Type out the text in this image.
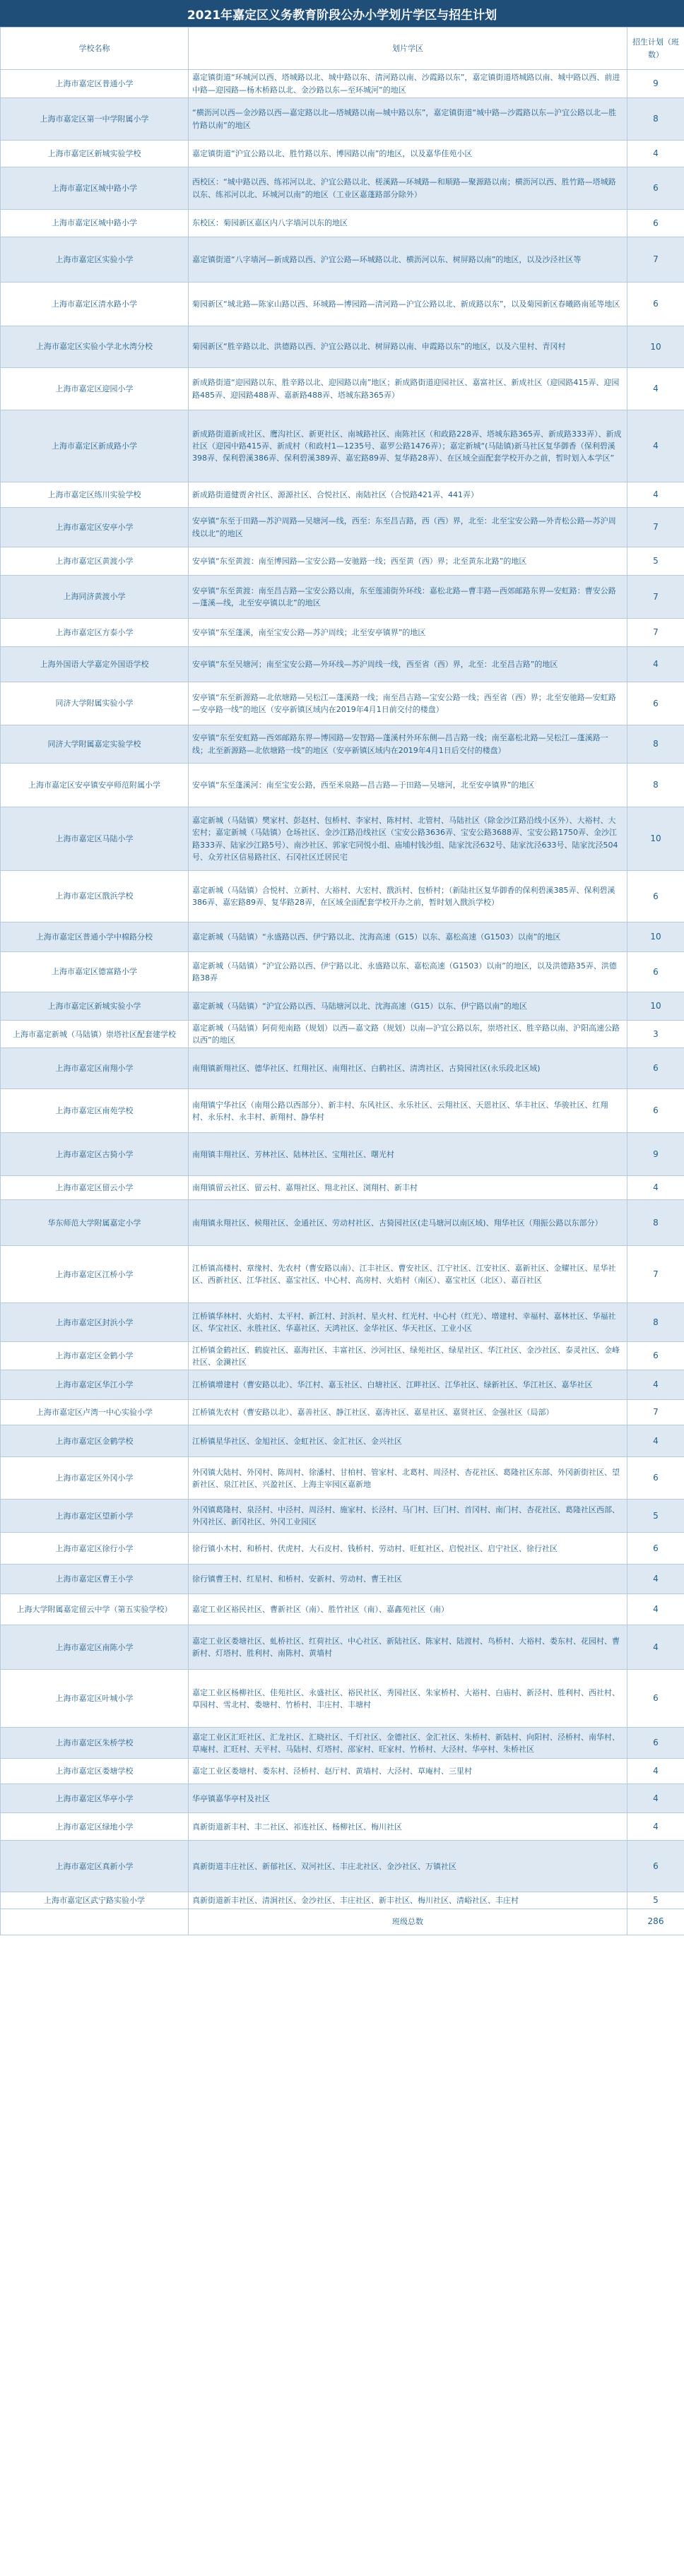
2021年嘉定区义务教育阶段公办小学划片学区与招生计划
学校名称	划片学区	招生计划（班数）
上海市嘉定区普通小学	嘉定镇街道“环城河以西、塔城路以北、城中路以东、清河路以南、沙霞路以东”，嘉定镇街道塔城路以南、城中路以西、前进中路—迎园路—杨木桥路以北、金沙路以东—至环城河”的地区	9
上海市嘉定区第一中学附属小学	“横沥河以西—金沙路以西—嘉定路以北—塔城路以南—城中路以东”，嘉定镇街道“城中路—沙霞路以东—沪宜公路以北—胜竹路以南”的地区	8
上海市嘉定区新城实验学校	嘉定镇街道“沪宜公路以北、胜竹路以东、博园路以南”的地区，以及嘉华佳苑小区	4
上海市嘉定区城中路小学	西校区：“城中路以西、练祁河以北、沪宜公路以北、槎溪路—环城路—和顺路—聚源路以南；横沥河以西、胜竹路—塔城路以东、练祁河以北、环城河以南”的地区（工业区嘉蓬路部分除外）	6
上海市嘉定区城中路小学	东校区：菊园新区嘉区内八字墙河以东的地区	6
上海市嘉定区实验小学	嘉定镇街道“八字墙河—新成路以西、沪宜公路—环城路以北、横沥河以东、树屏路以南”的地区，以及沙泾社区等	7
上海市嘉定区清水路小学	菊园新区“城北路—陈家山路以西、环城路—博园路—清河路—沪宜公路以北、新成路以东”，以及菊园新区春曦路南延等地区	6
上海市嘉定区实验小学北水湾分校	菊园新区“胜辛路以北、洪德路以西、沪宜公路以北、树屏路以南、申霞路以东”的地区，以及六里村、青冈村	10
上海市嘉定区迎园小学	新成路街道“迎园路以东、胜辛路以北、迎园路以南”地区；新成路街道迎园社区、嘉富社区、新成社区（迎园路415弄、迎园路485弄、迎园路488弄、嘉新路488弄、塔城东路365弄）	4
上海市嘉定区新成路小学	新成路街道新成社区、鹰沟社区、新更社区、南城路社区、南陈社区（和政路228弄、塔城东路365弄、新成路333弄）、新成社区（迎园中路415弄、新成村（和政村1—1235号、嘉罗公路1476弄）；嘉定新城“(马陆镇)新马社区复华御香（保利碧溪398弄、保利碧溪386弄、保利碧溪389弄、嘉宏路89弄、复华路28弄）、在区域全面配套学校开办之前，暂时划入本学区”	4
上海市嘉定区练川实验学校	新成路街道健贾舍社区、源源社区、合悦社区、南陆社区（合悦路421弄、441弄）	4
上海市嘉定区安亭小学	安亭镇“东至于田路—苏沪周路—吴塘河—线，西至：东至昌吉路，西（西）界，北至：北至宝安公路—外青松公路—苏沪周线以北”的地区	7
上海市嘉定区黄渡小学	安亭镇“东至黄渡：南至博园路—宝安公路—安驰路一线；西至黄（西）界；北至黄东北路”的地区	5
上海同济黄渡小学	安亭镇“东至黄渡：南至昌吉路—宝安公路以南，东至莲浦街外环线：嘉松北路—曹丰路—西郊邮路东界—安虹路：曹安公路—蓬溪—线，北至安亭镇以北”的地区	7
上海市嘉定区方泰小学	安亭镇“东至蓬溪，南至宝安公路—苏沪周线；北至安亭镇界”的地区	7
上海外国语大学嘉定外国语学校	安亭镇“东至吴塘河；南至宝安公路—外环线—苏沪周线一线，西至省（西）界，北至：北至昌吉路”的地区	4
同济大学附属实验小学	安亭镇“东至新源路—北依塘路—吴松江—蓬溪路一线；南至昌吉路—宝安公路一线；西至省（西）界；北至安驰路—安虹路—安亭路一线”的地区（安亭新镇区域内在2019年4月1日前交付的楼盘）	6
同济大学附属嘉定实验学校	安亭镇“东至安虹路—西郊邮路东界—博园路—安智路—蓬溪村外环东侧—昌吉路一线；南至嘉松北路—吴松江—蓬溪路一线；北至新源路—北依塘路一线”的地区（安亭新镇区域内在2019年4月1日后交付的楼盘）	8
上海市嘉定区安亭镇安亭师范附属小学	安亭镇“东至蓬溪河：南至宝安公路，西至米泉路—昌吉路—于田路—吴塘河，北至安亭镇界”的地区	8
上海市嘉定区马陆小学	嘉定新城（马陆镇）樊家村、彭赵村、包桥村、李家村、陈村村、北管村、马陆社区（除金沙江路沿线小区外）、大裕村、大宏村；嘉定新城（马陆镇）仓场社区、金沙江路沿线社区（宝安公路3636弄、宝安公路3688弄、宝安公路1750弄、金沙江路333弄、陆家沙江路5号）、南沙社区、郭家宅同悦小组、庙埔村钱沙组、陆家沈泾632号、陆家沈泾633号、陆家沈泾504号、众芳社区信易路社区、石冈社区迁居民宅	10
上海市嘉定区戬浜学校	嘉定新城（马陆镇）合悦村、立新村、大裕村、大宏村、戬浜村、包桥村；（新陆社区复华御香的保利碧溪385弄、保利碧溪386弄、嘉宏路89弄、复华路28弄，在区域全面配套学校开办之前，暂时划入戬浜学校）	6
上海市嘉定区普通小学中棉路分校	嘉定新城（马陆镇）“永盛路以西、伊宁路以北、沈海高速（G15）以东、嘉松高速（G1503）以南”的地区	10
上海市嘉定区德富路小学	嘉定新城（马陆镇）“沪宜公路以西、伊宁路以北、永盛路以东、嘉松高速（G1503）以南”的地区，以及洪德路35弄、洪德路38弄	6
上海市嘉定区新城实验小学	嘉定新城（马陆镇）“沪宜公路以西、马陆塘河以北、沈海高速（G15）以东、伊宁路以南”的地区	10
上海市嘉定新城（马陆镇）崇塔社区配套建学校	嘉定新城（马陆镇）阿荷苑南路（规划）以西—嘉文路（规划）以南—沪宜公路以东，崇塔社区、胜辛路以南、沪阳高速公路以西”的地区	3
上海市嘉定区南翔小学	南翔镇新翔社区、德华社区、红翔社区、南翔社区、白鹤社区、清湾社区、古猗园社区(永乐段北区域)	6
上海市嘉定区南苑学校	南翔镇宁华社区（南翔公路以西部分）、新丰村、东风社区、永乐社区、云翔社区、天恩社区、华丰社区、华骏社区、红翔村、永乐村、永丰村、新翔村、静华村	6
上海市嘉定区古猗小学	南翔镇丰翔社区、芳林社区、陆林社区、宝翔社区、曙光村	9
上海市嘉定区留云小学	南翔镇留云社区、留云村、嘉翔社区、翔北社区、浏翔村、新丰村	4
华东师范大学附属嘉定小学	南翔镇永翔社区、候翔社区、金通社区、劳动村社区、古猗园社区(走马塘河以南区域)、翔华社区（翔振公路以东部分）	8
上海市嘉定区江桥小学	江桥镇高楼村、章缘村、先农村（曹安路以南）、江丰社区、曹安社区、江宁社区、江安社区、嘉新社区、金耀社区、星华社区、西新社区、江华社区、嘉宝社区、中心村、高房村、火焰村（南区）、嘉宝社区（北区）、嘉百社区	7
上海市嘉定区封浜小学	江桥镇华林村、火焰村、太平村、新江村、封浜村、星火村、红光村、中心村（红光）、增建村、幸福村、嘉林社区、华福社区、华宝社区、永胜社区、华嘉社区、天鸿社区、金华社区、华天社区、工业小区	8
上海市嘉定区金鹤小学	江桥镇金鹤社区、鹤旋社区、嘉海社区、丰富社区、沙河社区、绿苑社区、绿星社区、华江社区、金沙社区、泰灵社区、金峰社区、金澜社区	6
上海市嘉定区华江小学	江桥镇增建村（曹安路以北）、华江村、嘉玉社区、白塘社区、江畔社区、江华社区、绿新社区、华江社区、嘉华社区	4
上海市嘉定区卢湾一中心实验小学	江桥镇先农村（曹安路以北）、嘉善社区、静江社区、嘉涛社区、嘉星社区、嘉贤社区、金强社区（局部）	7
上海市嘉定区金鹤学校	江桥镇星华社区、金旭社区、金虹社区、金汇社区、金兴社区	4
上海市嘉定区外冈小学	外冈镇大陆村、外冈村、陈周村、徐潘村、甘柏村、管家村、北葛村、周泾村、杏花社区、葛隆社区东部、外冈新街社区、望新社区、泉江社区、兴盈社区、上海主宰园区嘉新地	6
上海市嘉定区望新小学	外冈镇葛隆村、泉泾村、中泾村、周泾村、施家村、长泾村、马门村、巨门村、首冈村、南门村、杏花社区、葛隆社区西部、外冈社区、新冈社区、外冈工业园区	5
上海市嘉定区徐行小学	徐行镇小木村、和桥村、伏虎村、大石皮村、钱桥村、劳动村、旺虹社区、启悦社区、启宁社区、徐行社区	6
上海市嘉定区曹王小学	徐行镇曹王村、红星村、和桥村、安新村、劳动村、曹王社区	4
上海大学附属嘉定留云中学（第五实验学校）	嘉定工业区裕民社区、曹新社区（南）、胜竹社区（南）、嘉鑫苑社区（南）	4
上海市嘉定区南陈小学	嘉定工业区娄塘社区、虬桥社区、红荷社区、中心社区、新陆社区、陈家村、陆渡村、鸟桥村、大裕村、娄东村、花园村、曹新村、灯塔村、胜利村、南陈村、黄墙村	4
上海市嘉定区叶城小学	嘉定工业区杨柳社区、佳苑社区、永盛社区、裕民社区、秀园社区、朱家桥村、大裕村、白庙村、新泾村、胜利村、西社村、草园村、雪北村、娄塘村、竹桥村、丰庄村、丰塘村	6
上海市嘉定区朱桥学校	嘉定工业区汇旺社区、汇龙社区、汇晓社区、千灯社区、金德社区、金汇社区、朱桥村、新陆村、向阳村、泾桥村、南华村、草庵村、汇旺村、天平村、马陆村、灯塔村、邵家村、旺家村、竹桥村、大泾村、华亭村、朱桥社区	6
上海市嘉定区娄塘学校	嘉定工业区娄塘村、娄东村、泾桥村、赵厅村、黄墙村、大泾村、草庵村、三里村	4
上海市嘉定区华亭小学	华亭镇嘉华亭村及社区	4
上海市嘉定区绿地小学	真新街道新丰村、丰二社区、祁连社区、杨柳社区、梅川社区	4
上海市嘉定区真新小学	真新街道丰庄社区、新郁社区、双河社区、丰庄北社区、金沙社区、万镇社区	6
上海市嘉定区武宁路实验小学	真新街道新丰社区、清涧社区、金沙社区、丰庄社区、新丰社区、梅川社区、清峪社区、丰庄村	5
	班级总数	286
